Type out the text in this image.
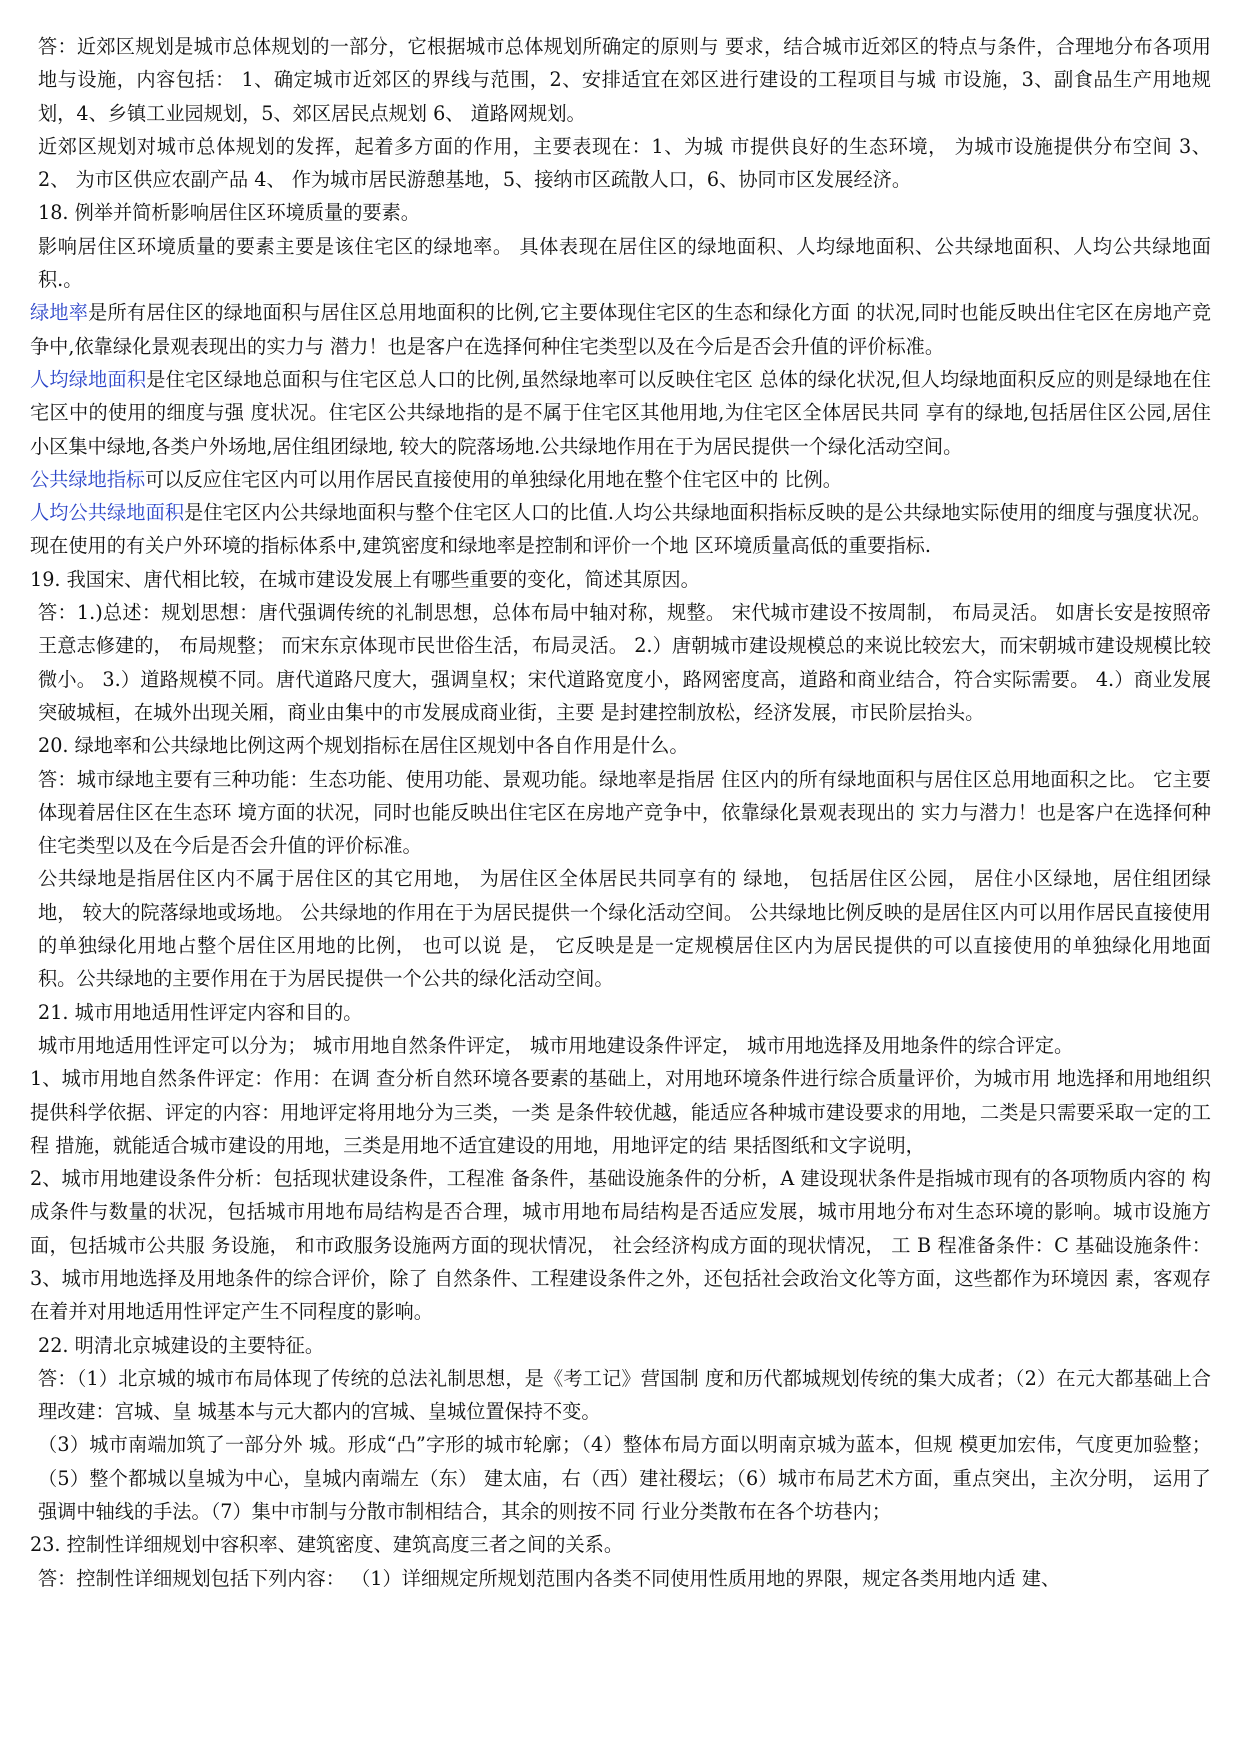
答：近郊区规划是城市总体规划的一部分，它根据城市总体规划所确定的原则与 要求，结合城市近郊区的特点与条件，合理地分布各项用地与设施，内容包括： 1、确定城市近郊区的界线与范围，2、安排适宜在郊区进行建设的工程项目与城 市设施，3、副食品生产用地规划，4、乡镇工业园规划，5、郊区居民点规划 6、 道路网规划。

近郊区规划对城市总体规划的发挥，起着多方面的作用，主要表现在：1、为城 市提供良好的生态环境， 为城市设施提供分布空间 3、 2、 为市区供应农副产品 4、 作为城市居民游憩基地，5、接纳市区疏散人口，6、协同市区发展经济。

18. 例举并简析影响居住区环境质量的要素。

影响居住区环境质量的要素主要是该住宅区的绿地率。 具体表现在居住区的绿地面积、人均绿地面积、公共绿地面积、人均公共绿地面积.。

绿地率是所有居住区的绿地面积与居住区总用地面积的比例,它主要体现住宅区的生态和绿化方面 的状况,同时也能反映出住宅区在房地产竞争中,依靠绿化景观表现出的实力与 潜力！也是客户在选择何种住宅类型以及在今后是否会升值的评价标准。

人均绿地面积是住宅区绿地总面积与住宅区总人口的比例,虽然绿地率可以反映住宅区 总体的绿化状况,但人均绿地面积反应的则是绿地在住宅区中的使用的细度与强 度状况。住宅区公共绿地指的是不属于住宅区其他用地,为住宅区全体居民共同 享有的绿地,包括居住区公园,居住小区集中绿地,各类户外场地,居住组团绿地, 较大的院落场地.公共绿地作用在于为居民提供一个绿化活动空间。

公共绿地指标可以反应住宅区内可以用作居民直接使用的单独绿化用地在整个住宅区中的 比例。

人均公共绿地面积是住宅区内公共绿地面积与整个住宅区人口的比值.人均公共绿地面积指标反映的是公共绿地实际使用的细度与强度状况。 现在使用的有关户外环境的指标体系中,建筑密度和绿地率是控制和评价一个地 区环境质量高低的重要指标.

19. 我国宋、唐代相比较，在城市建设发展上有哪些重要的变化，简述其原因。

答：1.)总述：规划思想：唐代强调传统的礼制思想，总体布局中轴对称，规整。 宋代城市建设不按周制， 布局灵活。 如唐长安是按照帝王意志修建的， 布局规整； 而宋东京体现市民世俗生活，布局灵活。 2.）唐朝城市建设规模总的来说比较宏大，而宋朝城市建设规模比较微小。 3.）道路规模不同。唐代道路尺度大，强调皇权；宋代道路宽度小，路网密度高，道路和商业结合，符合实际需要。 4.）商业发展突破城桓，在城外出现关厢，商业由集中的市发展成商业街，主要 是封建控制放松，经济发展，市民阶层抬头。

20. 绿地率和公共绿地比例这两个规划指标在居住区规划中各自作用是什么。

答：城市绿地主要有三种功能：生态功能、使用功能、景观功能。绿地率是指居 住区内的所有绿地面积与居住区总用地面积之比。 它主要体现着居住区在生态环 境方面的状况，同时也能反映出住宅区在房地产竞争中，依靠绿化景观表现出的 实力与潜力！也是客户在选择何种住宅类型以及在今后是否会升值的评价标准。

公共绿地是指居住区内不属于居住区的其它用地， 为居住区全体居民共同享有的 绿地， 包括居住区公园， 居住小区绿地，居住组团绿地， 较大的院落绿地或场地。 公共绿地的作用在于为居民提供一个绿化活动空间。 公共绿地比例反映的是居住区内可以用作居民直接使用的单独绿化用地占整个居住区用地的比例， 也可以说 是， 它反映是是一定规模居住区内为居民提供的可以直接使用的单独绿化用地面 积。公共绿地的主要作用在于为居民提供一个公共的绿化活动空间。

21. 城市用地适用性评定内容和目的。

城市用地适用性评定可以分为； 城市用地自然条件评定， 城市用地建设条件评定， 城市用地选择及用地条件的综合评定。

1、城市用地自然条件评定：作用：在调 查分析自然环境各要素的基础上，对用地环境条件进行综合质量评价，为城市用 地选择和用地组织提供科学依据、评定的内容：用地评定将用地分为三类，一类 是条件较优越，能适应各种城市建设要求的用地，二类是只需要采取一定的工程 措施，就能适合城市建设的用地，三类是用地不适宜建设的用地，用地评定的结 果括图纸和文字说明，

2、城市用地建设条件分析：包括现状建设条件，工程准 备条件，基础设施条件的分析，A 建设现状条件是指城市现有的各项物质内容的 构成条件与数量的状况，包括城市用地布局结构是否合理，城市用地布局结构是否适应发展，城市用地分布对生态环境的影响。城市设施方面，包括城市公共服 务设施， 和市政服务设施两方面的现状情况， 社会经济构成方面的现状情况， 工 B 程准备条件：C 基础设施条件：3、城市用地选择及用地条件的综合评价，除了 自然条件、工程建设条件之外，还包括社会政治文化等方面，这些都作为环境因 素，客观存在着并对用地适用性评定产生不同程度的影响。

22. 明清北京城建设的主要特征。

答：（1）北京城的城市布局体现了传统的总法礼制思想，是《考工记》营国制 度和历代都城规划传统的集大成者；（2）在元大都基础上合理改建：宫城、皇 城基本与元大都内的宫城、皇城位置保持不变。

（3）城市南端加筑了一部分外 城。形成“凸”字形的城市轮廓；（4）整体布局方面以明南京城为蓝本，但规 模更加宏伟，气度更加验整；（5）整个都城以皇城为中心，皇城内南端左（东） 建太庙，右（西）建社稷坛；（6）城市布局艺术方面，重点突出，主次分明， 运用了强调中轴线的手法。（7）集中市制与分散市制相结合，其余的则按不同 行业分类散布在各个坊巷内；

23. 控制性详细规划中容积率、建筑密度、建筑高度三者之间的关系。

答：控制性详细规划包括下列内容： （1）详细规定所规划范围内各类不同使用性质用地的界限，规定各类用地内适 建、
